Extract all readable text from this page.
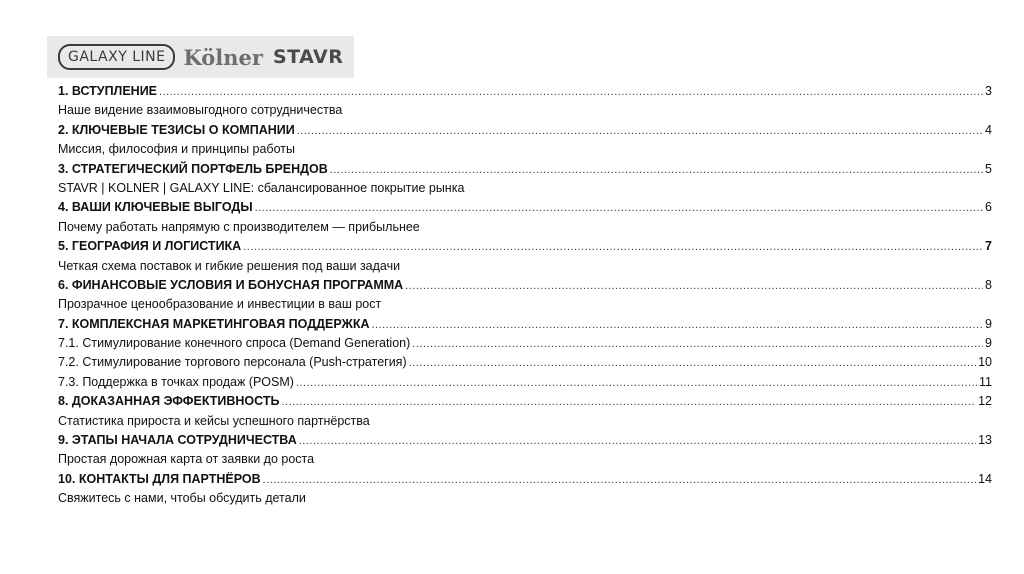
GALAXY LINE Kölner STAVR
1. ВСТУПЛЕНИЕ .....	3
Наше видение взаимовыгодного сотрудничества
2. КЛЮЧЕВЫЕ ТЕЗИСЫ О КОМПАНИИ .....	4
Миссия, философия и принципы работы
3. СТРАТЕГИЧЕСКИЙ ПОРТФЕЛЬ БРЕНДОВ .....	5
STAVR | KOLNER | GALAXY LINE: сбалансированное покрытие рынка
4. ВАШИ КЛЮЧЕВЫЕ ВЫГОДЫ .....	6
Почему работать напрямую с производителем — прибыльнее
5. ГЕОГРАФИЯ И ЛОГИСТИКА .....	7
Четкая схема поставок и гибкие решения под ваши задачи
6. ФИНАНСОВЫЕ УСЛОВИЯ И БОНУСНАЯ ПРОГРАММА .....	8
Прозрачное ценообразование и инвестиции в ваш рост
7. КОМПЛЕКСНАЯ МАРКЕТИНГОВАЯ ПОДДЕРЖКА .....	9
7.1. Стимулирование конечного спроса (Demand Generation) .....	9
7.2. Стимулирование торгового персонала (Push-стратегия) .....	10
7.3. Поддержка в точках продаж (POSM) .....	11
8. ДОКАЗАННАЯ ЭФФЕКТИВНОСТЬ .....	12
Статистика прироста и кейсы успешного партнёрства
9. ЭТАПЫ НАЧАЛА СОТРУДНИЧЕСТВА .....	13
Простая дорожная карта от заявки до роста
10. КОНТАКТЫ ДЛЯ ПАРТНЁРОВ .....	14
Свяжитесь с нами, чтобы обсудить детали
